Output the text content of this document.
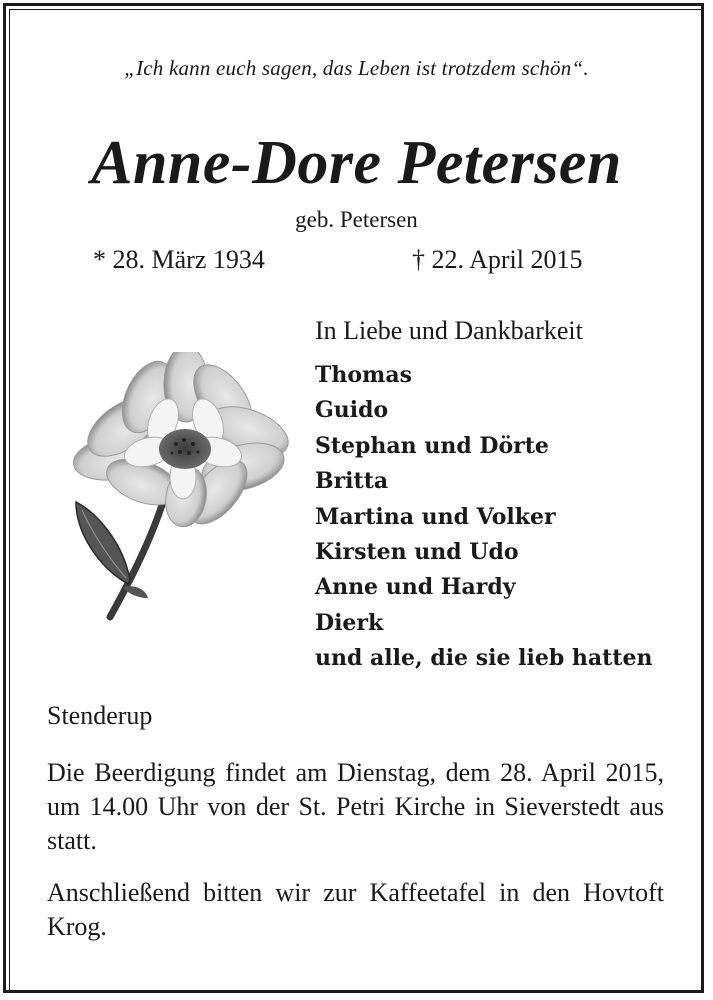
„Ich kann euch sagen, das Leben ist trotzdem schön“.
Anne-Dore Petersen
geb. Petersen
* 28. März 1934	† 22. April 2015
In Liebe und Dankbarkeit
Thomas
Guido
Stephan und Dörte
Britta
Martina und Volker
Kirsten und Udo
Anne und Hardy
Dierk
und alle, die sie lieb hatten
Stenderup

Die Beerdigung findet am Dienstag, dem 28. April 2015, um 14.00 Uhr von der St. Petri Kirche in Sieverstedt aus statt.

Anschließend bitten wir zur Kaffeetafel in den Hovtoft Krog.
